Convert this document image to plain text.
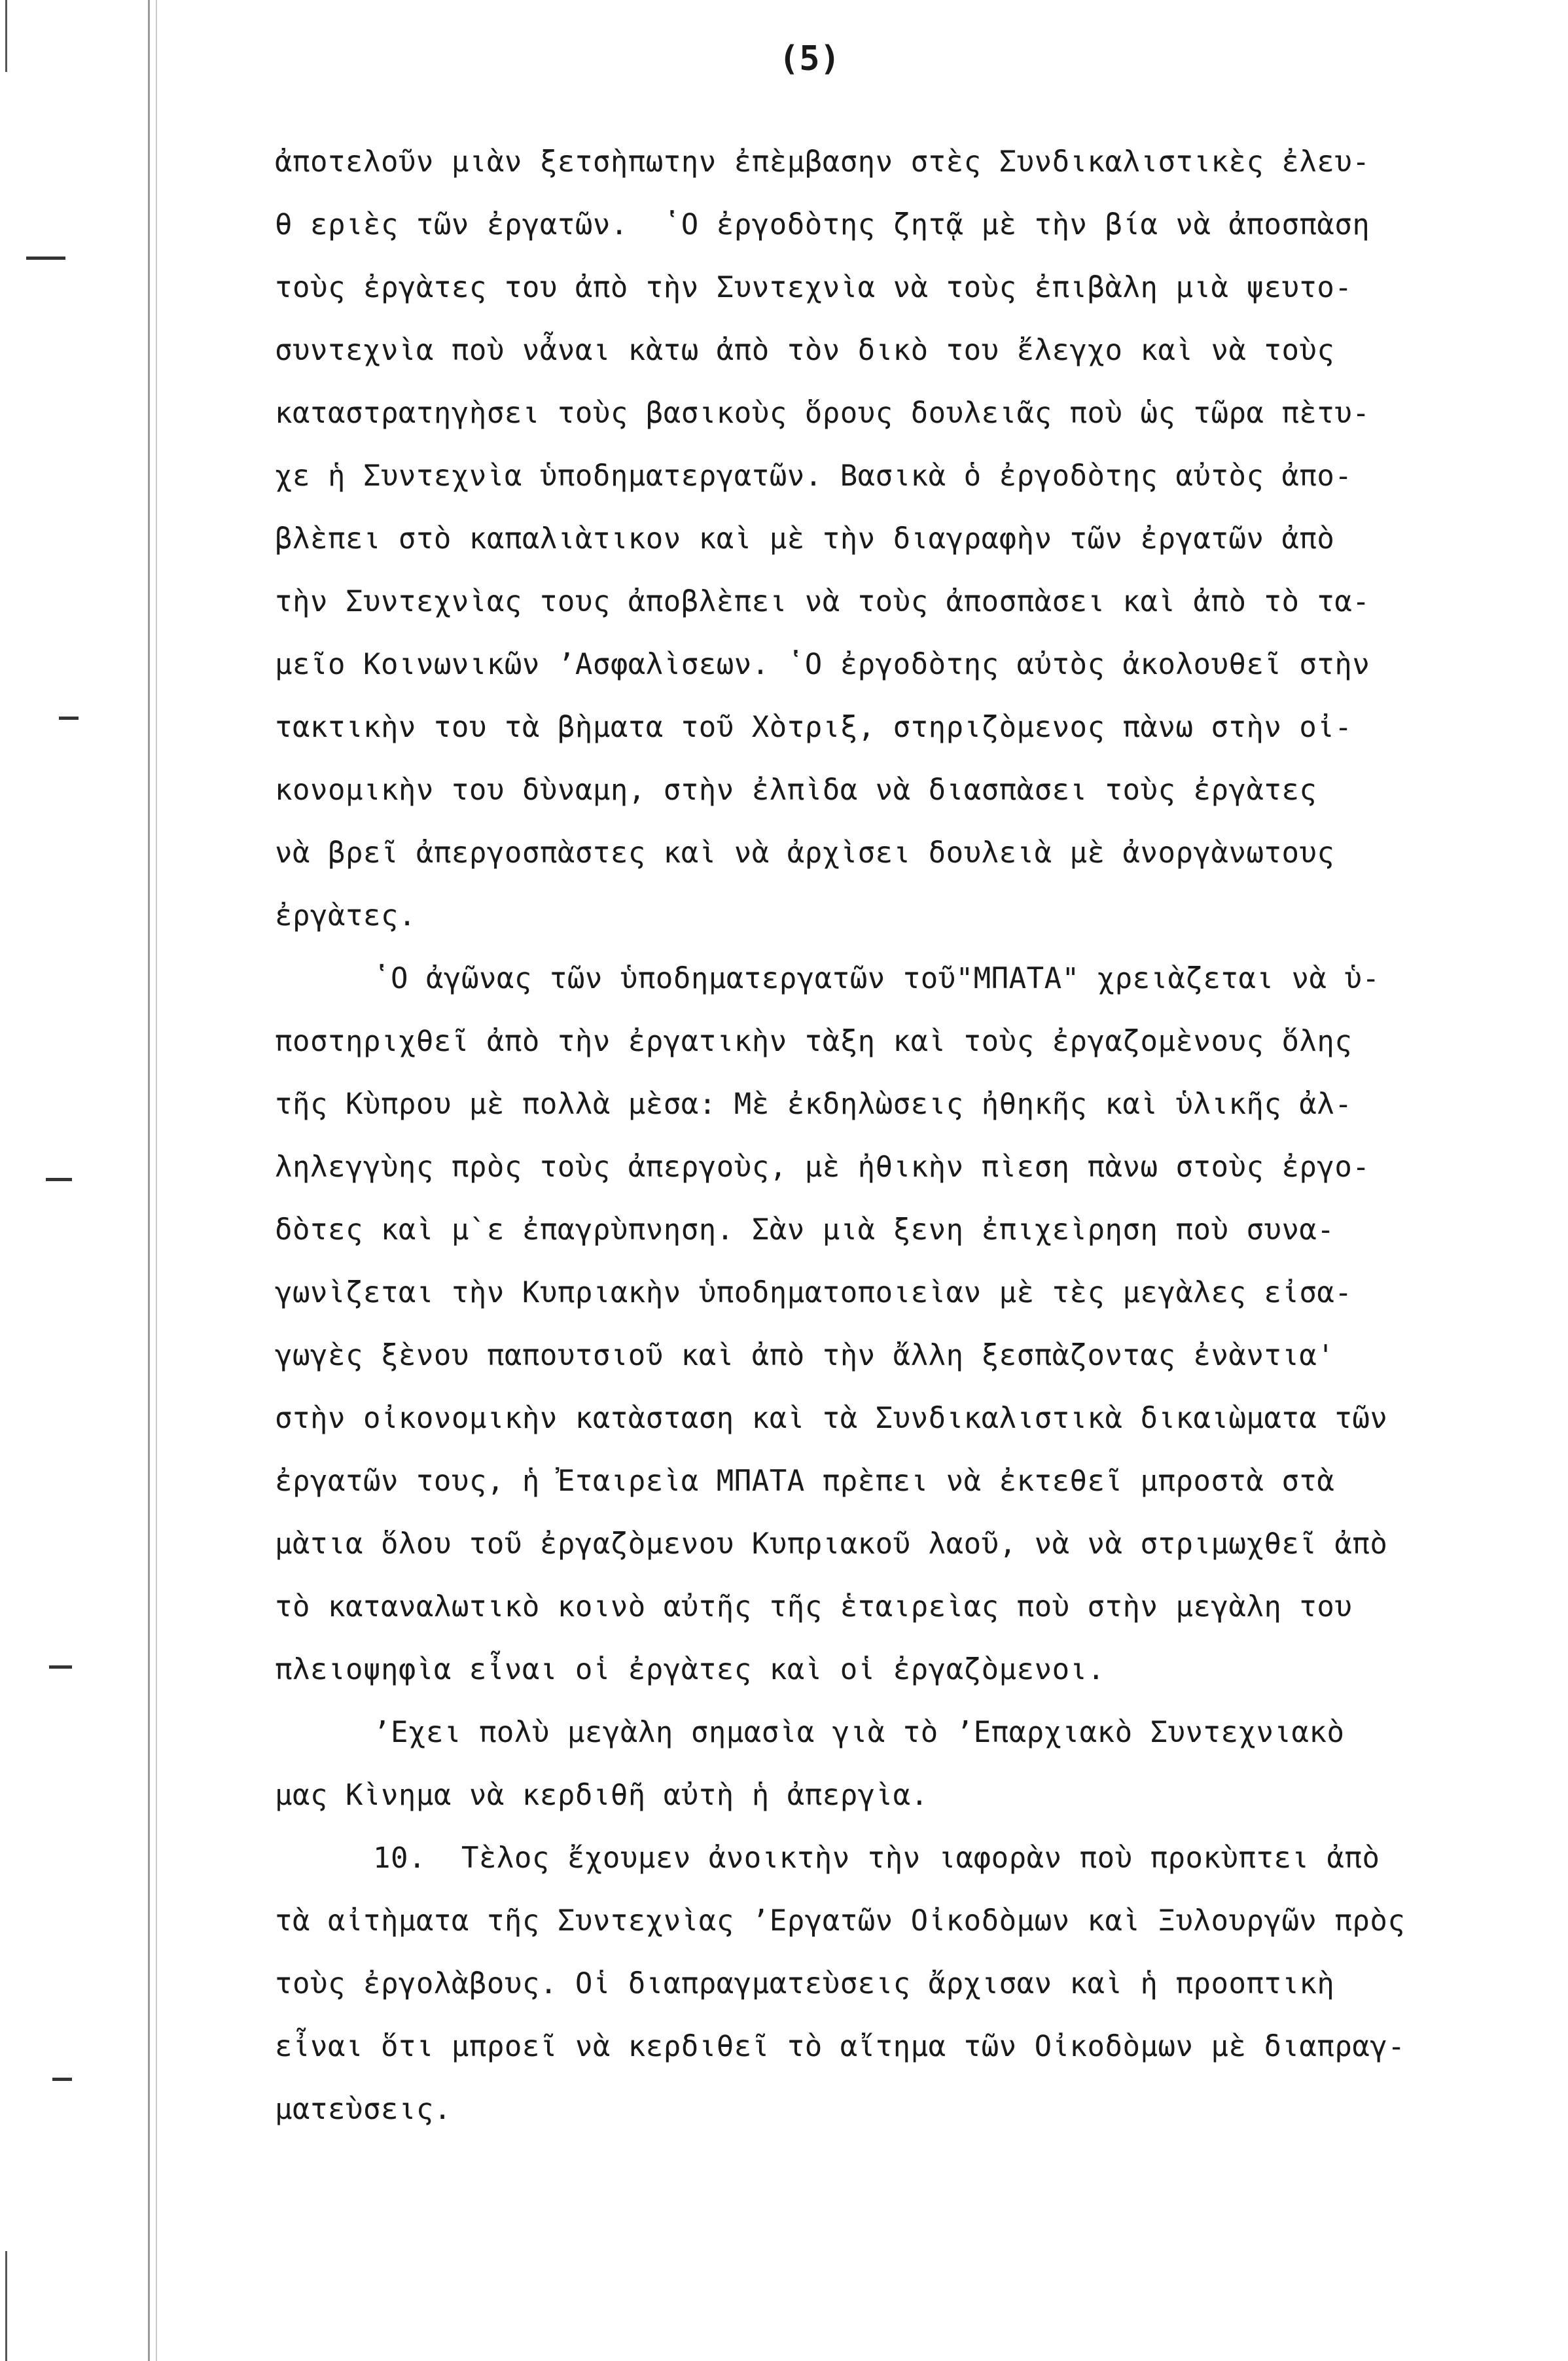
(5)
ἀποτελοῦν μιὰν ξετσὴπωτην ἐπὲμβασην στὲς Συνδικαλιστικὲς ἐλευ-
θ εριὲς τῶν ἐργατῶν.  ʽΟ ἐργοδὸτης ζητᾷ μὲ τὴν βία νὰ ἀποσπὰση
τοὺς ἐργὰτες του ἀπὸ τὴν Συντεχνὶα νὰ τοὺς ἐπιβὰλη μιὰ ψευτο-
συντεχνὶα ποὺ νἆναι κὰτω ἀπὸ τὸν δικὸ του ἔλεγχο καὶ νὰ τοὺς
καταστρατηγὴσει τοὺς βασικοὺς ὅρους δουλειᾶς ποὺ ὡς τῶρα πὲτυ-
χε ἡ Συντεχνὶα ὑποδηματεργατῶν. Βασικὰ ὁ ἐργοδὸτης αὐτὸς ἀπο-
βλὲπει στὸ καπαλιὰτικον καὶ μὲ τὴν διαγραφὴν τῶν ἐργατῶν ἀπὸ
τὴν Συντεχνὶας τους ἀποβλὲπει νὰ τοὺς ἀποσπὰσει καὶ ἀπὸ τὸ τα-
μεῖο Κοινωνικῶν ʼΑσφαλὶσεων. ʽΟ ἐργοδὸτης αὐτὸς ἀκολουθεῖ στὴν
τακτικὴν του τὰ βὴματα τοῦ Χὸτριξ, στηριζὸμενος πὰνω στὴν οἰ-
κονομικὴν του δὺναμη, στὴν ἐλπὶδα νὰ διασπὰσει τοὺς ἐργὰτες
νὰ βρεῖ ἀπεργοσπὰστες καὶ νὰ ἀρχὶσει δουλειὰ μὲ ἀνοργὰνωτους
ἐργὰτες.
ʽΟ ἀγῶνας τῶν ὑποδηματεργατῶν τοῦ"ΜΠΑΤΑ" χρειὰζεται νὰ ὑ-
ποστηριχθεῖ ἀπὸ τὴν ἐργατικὴν τὰξη καὶ τοὺς ἐργαζομὲνους ὅλης
τῆς Κὺπρου μὲ πολλὰ μὲσα: Μὲ ἐκδηλὼσεις ἠθηκῆς καὶ ὑλικῆς ἀλ-
ληλεγγὺης πρὸς τοὺς ἀπεργοὺς, μὲ ἠθικὴν πὶεση πὰνω στοὺς ἐργο-
δὸτες καὶ μ`ε ἐπαγρὺπνηση. Σὰν μιὰ ξενη ἐπιχεὶρηση ποὺ συνα-
γωνὶζεται τὴν Κυπριακὴν ὑποδηματοποιεὶαν μὲ τὲς μεγὰλες εἰσα-
γωγὲς ξὲνου παπουτσιοῦ καὶ ἀπὸ τὴν ἄλλη ξεσπὰζοντας ἐνὰντια'
στὴν οἰκονομικὴν κατὰσταση καὶ τὰ Συνδικαλιστικὰ δικαιὼματα τῶν
ἐργατῶν τους, ἡ Ἐταιρεὶα ΜΠΑΤΑ πρὲπει νὰ ἐκτεθεῖ μπροστὰ στὰ
μὰτια ὅλου τοῦ ἐργαζὸμενου Κυπριακοῦ λαοῦ, νὰ νὰ στριμωχθεῖ ἀπὸ
τὸ καταναλωτικὸ κοινὸ αὐτῆς τῆς ἑταιρεὶας ποὺ στὴν μεγὰλη του
πλειοψηφὶα εἶναι οἱ ἐργὰτες καὶ οἱ ἐργαζὸμενοι.
ʼΕχει πολὺ μεγὰλη σημασὶα γιὰ τὸ ʼΕπαρχιακὸ Συντεχνιακὸ
μας Κὶνημα νὰ κερδιθῆ αὐτὴ ἡ ἀπεργὶα.
10.  Τὲλος ἔχουμεν ἀνοικτὴν τὴν ιαφορὰν ποὺ προκὺπτει ἀπὸ
τὰ αἰτὴματα τῆς Συντεχνὶας ʼΕργατῶν Οἰκοδὸμων καὶ Ξυλουργῶν πρὸς
τοὺς ἐργολὰβους. Οἱ διαπραγματεὺσεις ἄρχισαν καὶ ἡ προοπτικὴ
εἶναι ὅτι μπροεῖ νὰ κερδιθεῖ τὸ αἴτημα τῶν Οἰκοδὸμων μὲ διαπραγ-
ματεὺσεις.
